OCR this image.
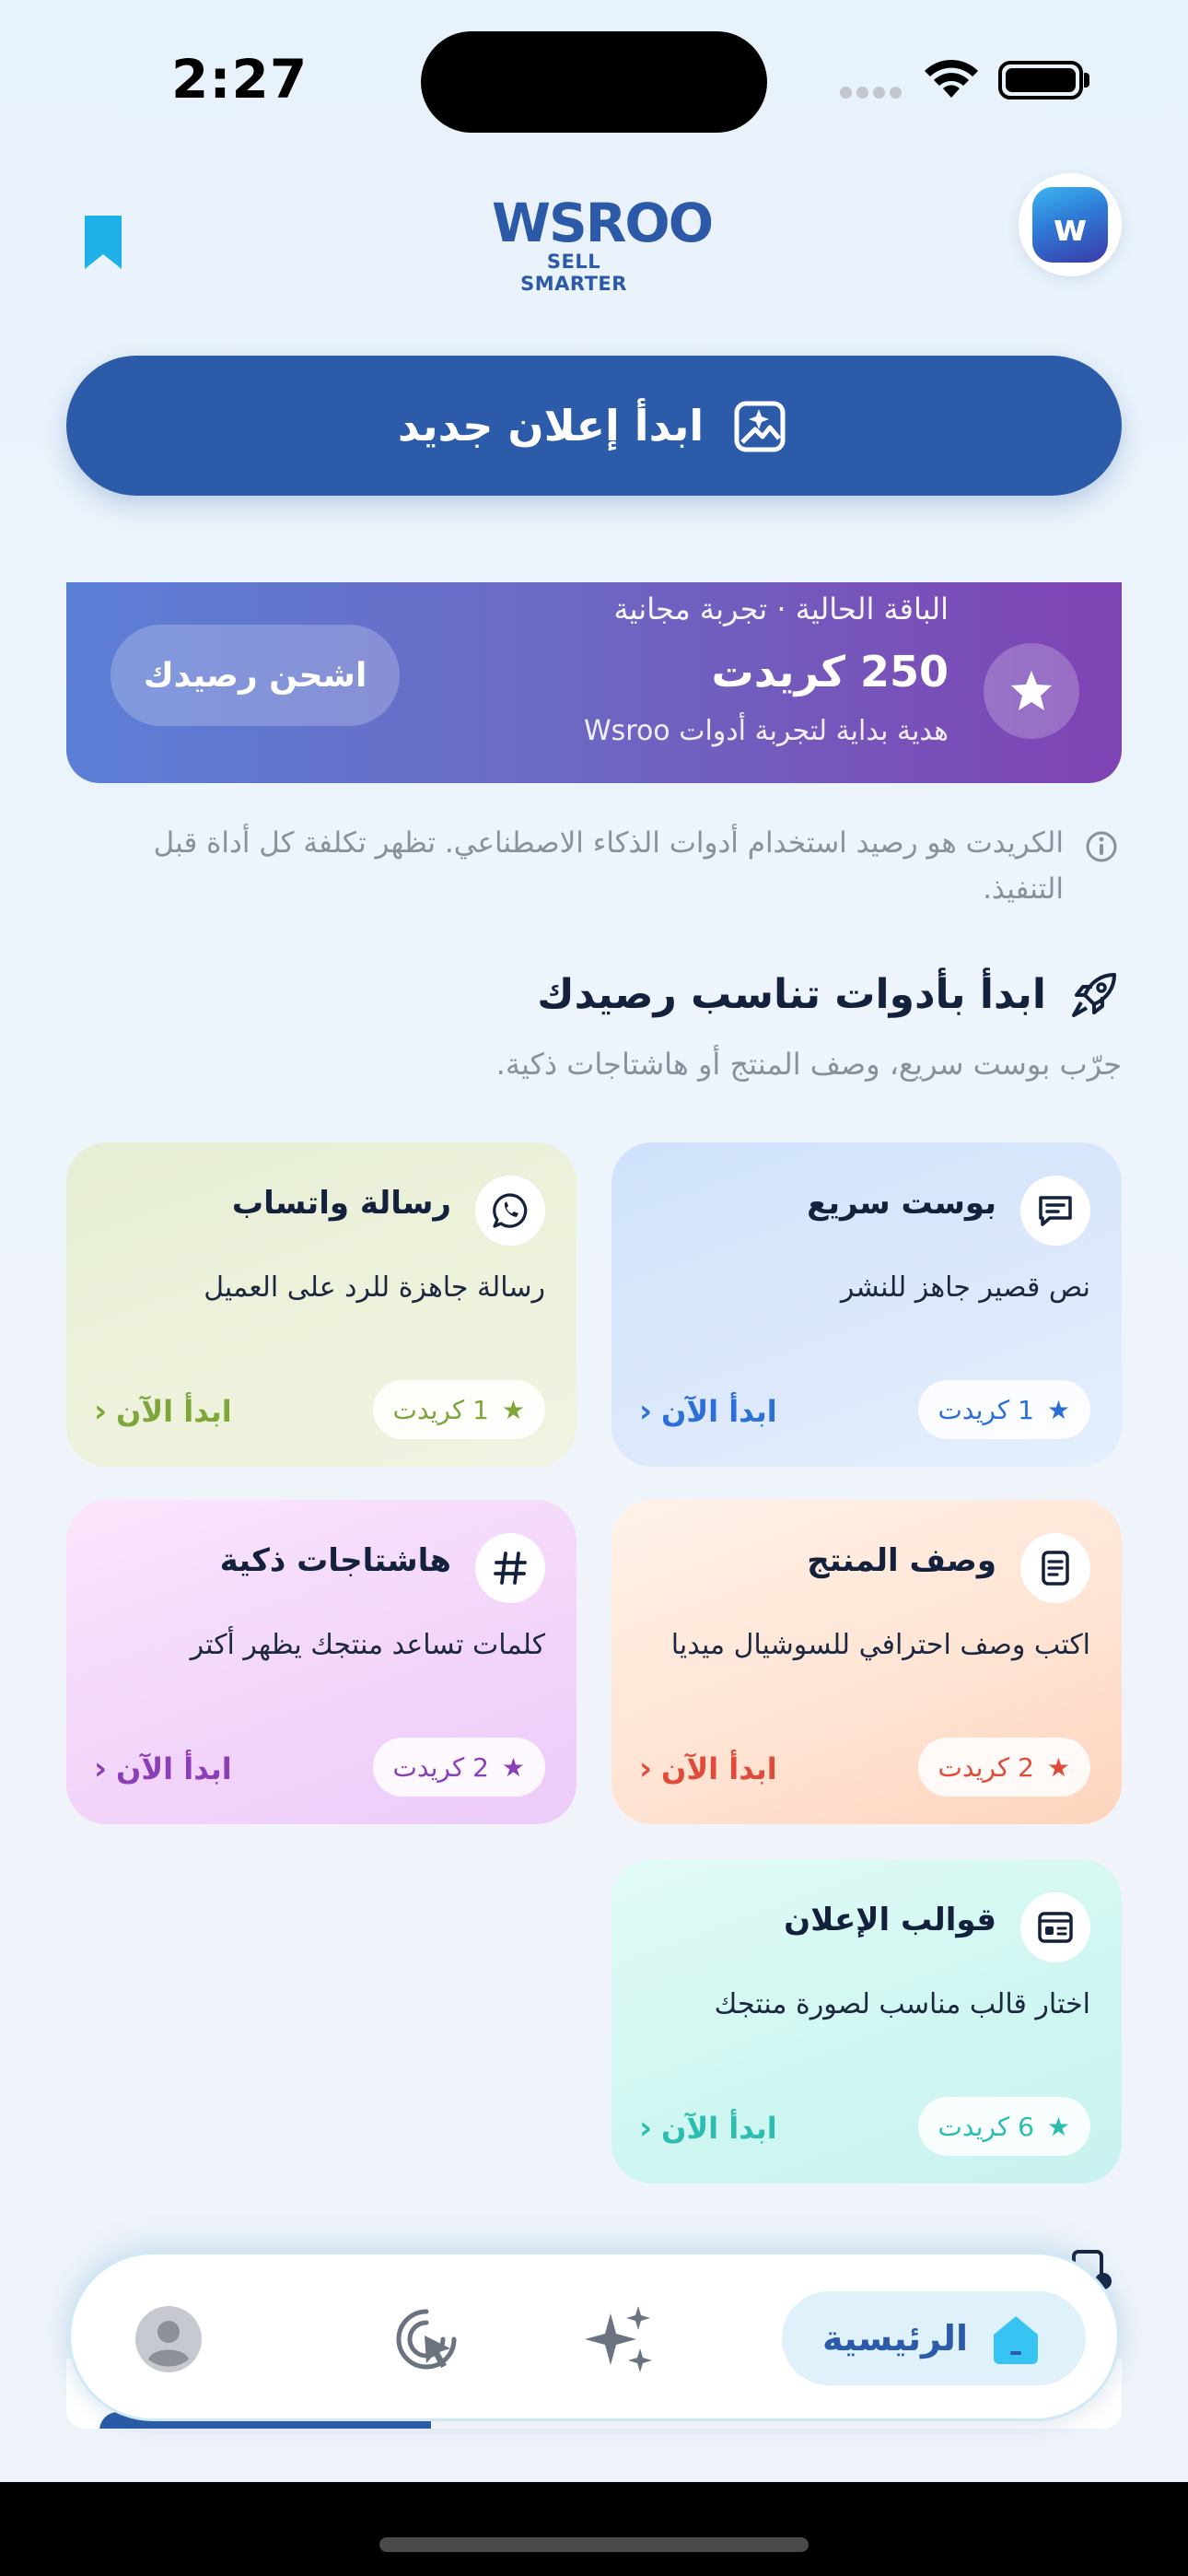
2:27
WSROO
SELL SMARTER
w
ابدأ إعلان جديد
الباقة الحالية · تجربة مجانية
250 كريدت
هدية بداية لتجربة أدوات Wsroo
اشحن رصيدك
الكريدت هو رصيد استخدام أدوات الذكاء الاصطناعي. تظهر تكلفة كل أداة قبل التنفيذ.
ابدأ بأدوات تناسب رصيدك
جرّب بوست سريع، وصف المنتج أو هاشتاجات ذكية.
بوست سريع
نص قصير جاهز للنشر
★
1 كريدت
ابدأ الآن
‹
رسالة واتساب
رسالة جاهزة للرد على العميل
★
1 كريدت
ابدأ الآن
‹
وصف المنتج
اكتب وصف احترافي للسوشيال ميديا
★
2 كريدت
ابدأ الآن
‹
هاشتاجات ذكية
كلمات تساعد منتجك يظهر أكتر
★
2 كريدت
ابدأ الآن
‹
قوالب الإعلان
اختار قالب مناسب لصورة منتجك
★
6 كريدت
ابدأ الآن
‹
الرئيسية
